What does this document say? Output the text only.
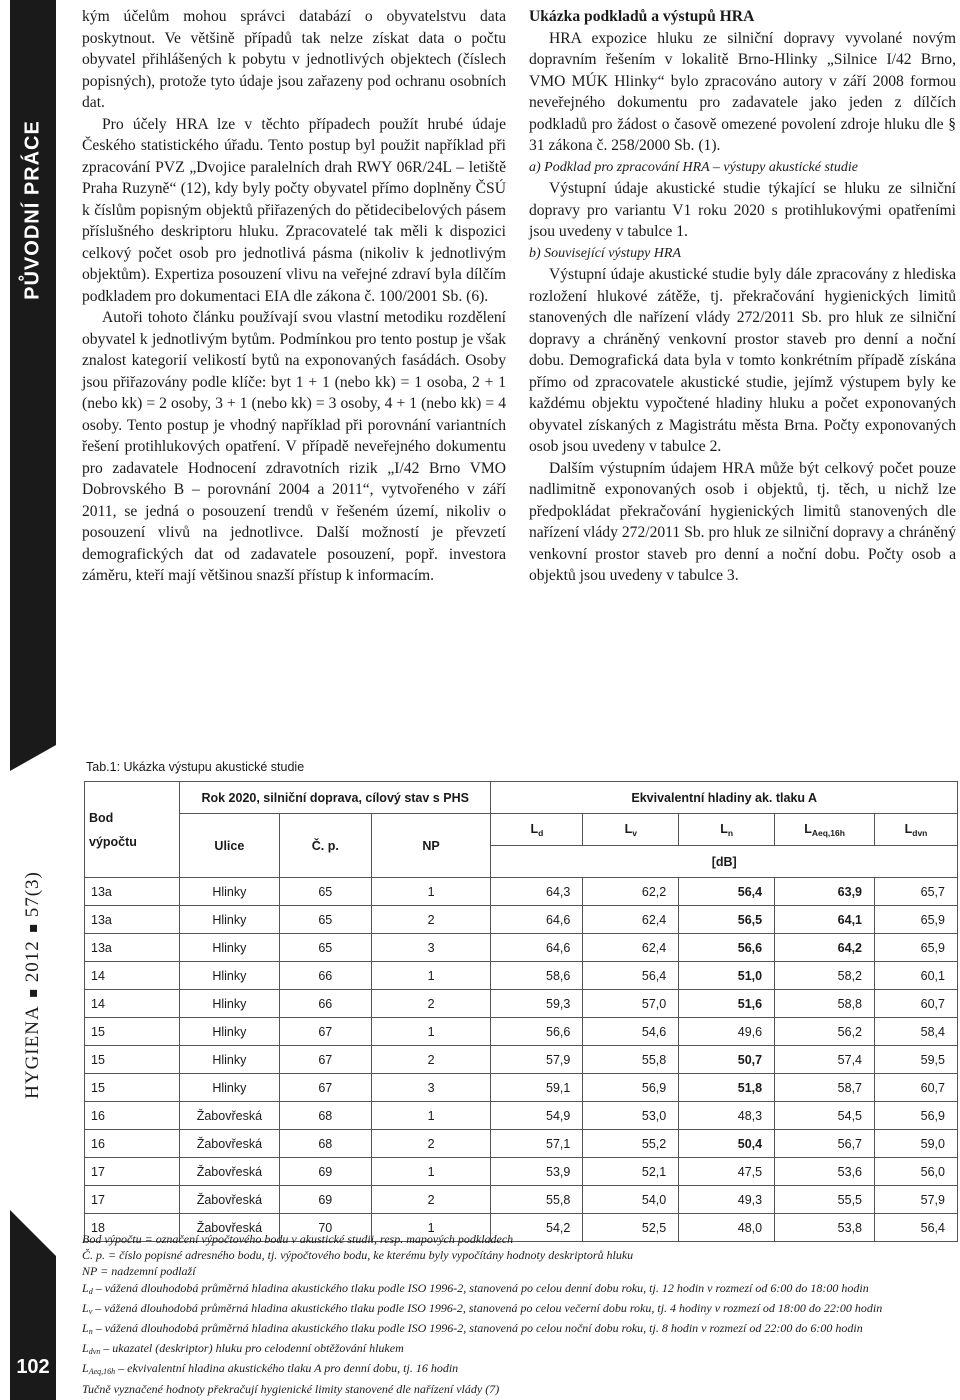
PŮVODNÍ PRÁCE
HYGIENA201257(3)
102

kým účelům mohou správci databází o obyvatelstvu data poskytnout. Ve většině případů tak nelze získat data o počtu obyvatel přihlášených k pobytu v jednotlivých objektech (číslech popisných), protože tyto údaje jsou zařazeny pod ochranu osobních dat.

Pro účely HRA lze v těchto případech použít hrubé údaje Českého statistického úřadu. Tento postup byl použit například při zpracování PVZ „Dvojice paralelních drah RWY 06R/24L – letiště Praha Ruzyně“ (12), kdy byly počty obyvatel přímo doplněny ČSÚ k číslům popisným objektů přiřazených do pětidecibelových pásem příslušného deskriptoru hluku. Zpracovatelé tak měli k dispozici celkový počet osob pro jednotlivá pásma (nikoliv k jednotlivým objektům). Expertiza posouzení vlivu na veřejné zdraví byla dílčím podkladem pro dokumentaci EIA dle zákona č. 100/2001 Sb. (6).

Autoři tohoto článku používají svou vlastní metodiku rozdělení obyvatel k jednotlivým bytům. Podmínkou pro tento postup je však znalost kategorií velikostí bytů na exponovaných fasádách. Osoby jsou přiřazovány podle klíče: byt 1 + 1 (nebo kk) = 1 osoba, 2 + 1 (nebo kk) = 2 osoby, 3 + 1 (nebo kk) = 3 osoby, 4 + 1 (nebo kk) = 4 osoby. Tento postup je vhodný například při porovnání variantních řešení protihlukových opatření. V případě neveřejného dokumentu pro zadavatele Hodnocení zdravotních rizik „I/42 Brno VMO Dobrovského B – porovnání 2004 a 2011“, vytvořeného v září 2011, se jedná o posouzení trendů v řešeném území, nikoliv o posouzení vlivů na jednotlivce. Další možností je převzetí demografických dat od zadavatele posouzení, popř. investora záměru, kteří mají většinou snazší přístup k informacím.

Ukázka podkladů a výstupů HRA

HRA expozice hluku ze silniční dopravy vyvolané novým dopravním řešením v lokalitě Brno-Hlinky „Silnice I/42 Brno, VMO MÚK Hlinky“ bylo zpracováno autory v září 2008 formou neveřejného dokumentu pro zadavatele jako jeden z dílčích podkladů pro žádost o časově omezené povolení zdroje hluku dle § 31 zákona č. 258/2000 Sb. (1).

a) Podklad pro zpracování HRA – výstupy akustické studie

Výstupní údaje akustické studie týkající se hluku ze silniční dopravy pro variantu V1 roku 2020 s protihlukovými opatřeními jsou uvedeny v tabulce 1.

b) Související výstupy HRA

Výstupní údaje akustické studie byly dále zpracovány z hlediska rozložení hlukové zátěže, tj. překračování hygienických limitů stanovených dle nařízení vlády 272/2011 Sb. pro hluk ze silniční dopravy a chráněný venkovní prostor staveb pro denní a noční dobu. Demografická data byla v tomto konkrétním případě získána přímo od zpracovatele akustické studie, jejímž výstupem byly ke každému objektu vypočtené hladiny hluku a počet exponovaných obyvatel získaných z Magistrátu města Brna. Počty exponovaných osob jsou uvedeny v tabulce 2.

Dalším výstupním údajem HRA může být celkový počet pouze nadlimitně exponovaných osob i objektů, tj. těch, u nichž lze předpokládat překračování hygienických limitů stanovených dle nařízení vlády 272/2011 Sb. pro hluk ze silniční dopravy a chráněný venkovní prostor staveb pro denní a noční dobu. Počty osob a objektů jsou uvedeny v tabulce 3.

Tab.1: Ukázka výstupu akustické studie
Bod
výpočtu	Rok 2020, silniční doprava, cílový stav s PHS			Ekvivalentní hladiny ak. tlaku A				
	Ulice	Č. p.	NP	$L_d$	$L_v$	$L_n$	$L_{Aeq,16h}$	$L_{dvn}$
				[dB]				
13a	Hlinky	65	1	64,3	62,2	56,4	63,9	65,7
13a	Hlinky	65	2	64,6	62,4	56,5	64,1	65,9
13a	Hlinky	65	3	64,6	62,4	56,6	64,2	65,9
14	Hlinky	66	1	58,6	56,4	51,0	58,2	60,1
14	Hlinky	66	2	59,3	57,0	51,6	58,8	60,7
15	Hlinky	67	1	56,6	54,6	49,6	56,2	58,4
15	Hlinky	67	2	57,9	55,8	50,7	57,4	59,5
15	Hlinky	67	3	59,1	56,9	51,8	58,7	60,7
16	Žabovřeská	68	1	54,9	53,0	48,3	54,5	56,9
16	Žabovřeská	68	2	57,1	55,2	50,4	56,7	59,0
17	Žabovřeská	69	1	53,9	52,1	47,5	53,6	56,0
17	Žabovřeská	69	2	55,8	54,0	49,3	55,5	57,9
18	Žabovřeská	70	1	54,2	52,5	48,0	53,8	56,4
Bod výpočtu = označení výpočtového bodu v akustické studii, resp. mapových podkladech
Č. p. = číslo popisné adresného bodu, tj. výpočtového bodu, ke kterému byly vypočítány hodnoty deskriptorů hluku
NP = nadzemní podlaží
Ld – vážená dlouhodobá průměrná hladina akustického tlaku podle ISO 1996-2, stanovená po celou denní dobu roku, tj. 12 hodin v rozmezí od 6:00 do 18:00 hodin
Lv – vážená dlouhodobá průměrná hladina akustického tlaku podle ISO 1996-2, stanovená po celou večerní dobu roku, tj. 4 hodiny v rozmezí od 18:00 do 22:00 hodin
Ln – vážená dlouhodobá průměrná hladina akustického tlaku podle ISO 1996-2, stanovená po celou noční dobu roku, tj. 8 hodin v rozmezí od 22:00 do 6:00 hodin
Ldvn – ukazatel (deskriptor) hluku pro celodenní obtěžování hlukem
LAeq,16h – ekvivalentní hladina akustického tlaku A pro denní dobu, tj. 16 hodin
Tučně vyznačené hodnoty překračují hygienické limity stanovené dle nařízení vlády (7)
